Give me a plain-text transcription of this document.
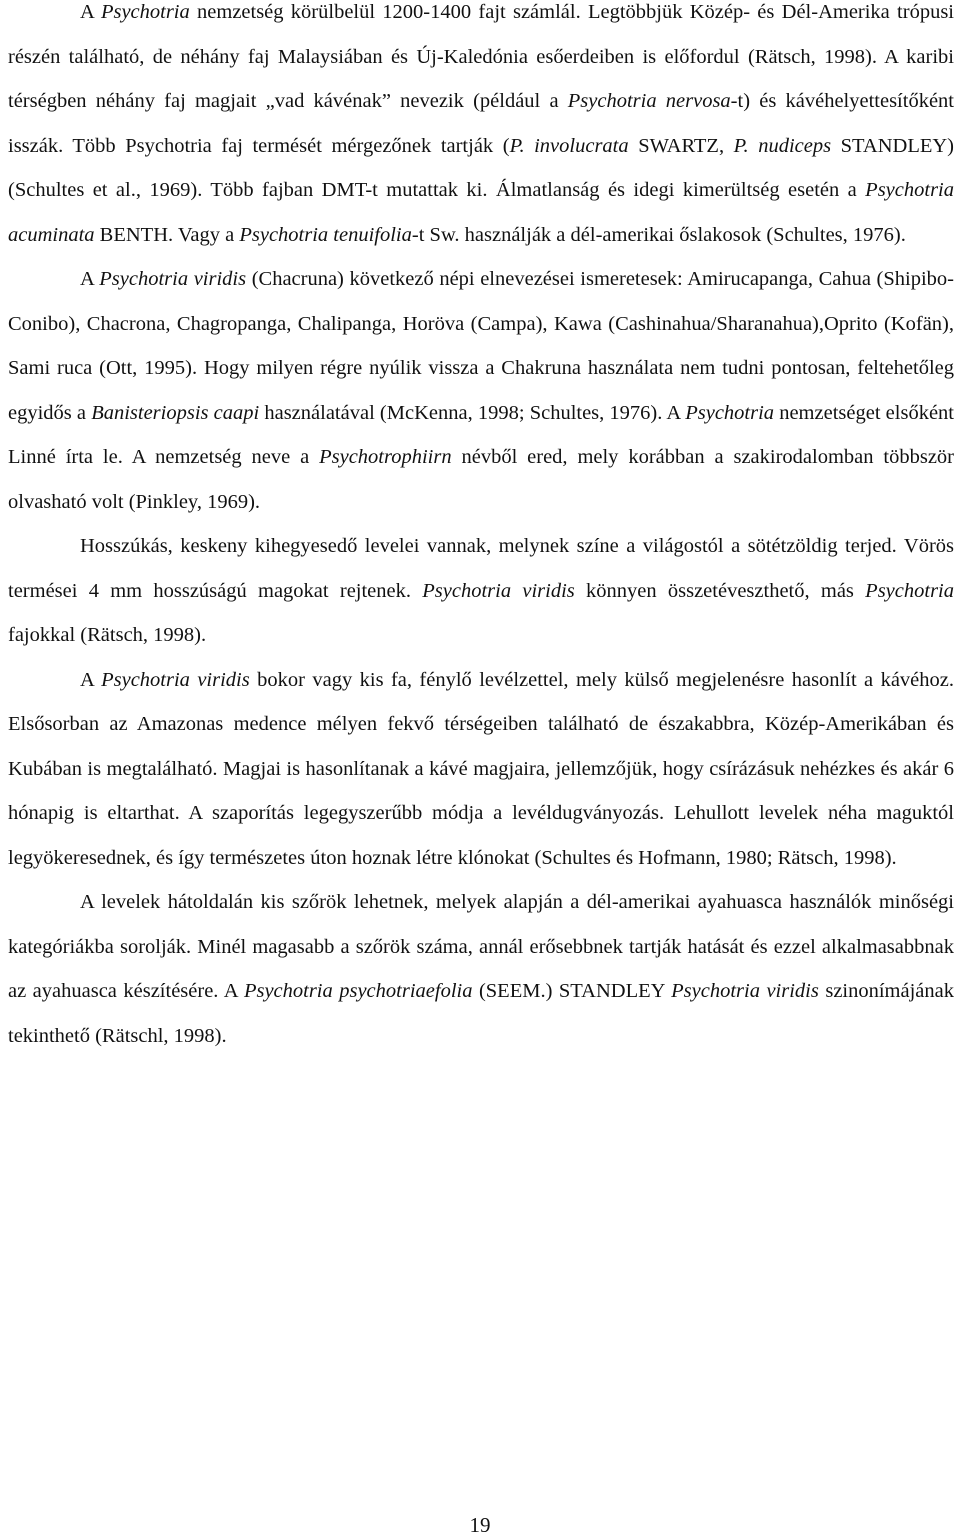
A Psychotria nemzetség körülbelül 1200-1400 fajt számlál. Legtöbbjük Közép- és Dél-Amerika trópusi részén található, de néhány faj Malaysiában és Új-Kaledónia esőerdeiben is előfordul (Rätsch, 1998). A karibi térségben néhány faj magjait „vad kávénak” nevezik (például a Psychotria nervosa-t) és kávéhelyettesítőként isszák. Több Psychotria faj termését mérgezőnek tartják (P. involucrata SWARTZ, P. nudiceps STANDLEY) (Schultes et al., 1969). Több fajban DMT-t mutattak ki. Álmatlanság és idegi kimerültség esetén a Psychotria acuminata BENTH. Vagy a Psychotria tenuifolia-t Sw. használják a dél-amerikai őslakosok (Schultes, 1976).

A Psychotria viridis (Chacruna) következő népi elnevezései ismeretesek: Amirucapanga, Cahua (Shipibo-Conibo), Chacrona, Chagropanga, Chalipanga, Horöva (Campa), Kawa (Cashinahua/Sharanahua),Oprito (Kofän), Sami ruca (Ott, 1995). Hogy milyen régre nyúlik vissza a Chakruna használata nem tudni pontosan, feltehetőleg egyidős a Banisteriopsis caapi használatával (McKenna, 1998; Schultes, 1976). A Psychotria nemzetséget elsőként Linné írta le. A nemzetség neve a Psychotrophiirn névből ered, mely korábban a szakirodalomban többször olvasható volt (Pinkley, 1969).

Hosszúkás, keskeny kihegyesedő levelei vannak, melynek színe a világostól a sötétzöldig terjed. Vörös termései 4 mm hosszúságú magokat rejtenek. Psychotria viridis könnyen összetéveszthető, más Psychotria fajokkal (Rätsch, 1998).

A Psychotria viridis bokor vagy kis fa, fénylő levélzettel, mely külső megjelenésre hasonlít a kávéhoz. Elsősorban az Amazonas medence mélyen fekvő térségeiben található de északabbra, Közép-Amerikában és Kubában is megtalálható. Magjai is hasonlítanak a kávé magjaira, jellemzőjük, hogy csírázásuk nehézkes és akár 6 hónapig is eltarthat. A szaporítás legegyszerűbb módja a levéldugványozás. Lehullott levelek néha maguktól legyökeresednek, és így természetes úton hoznak létre klónokat (Schultes és Hofmann, 1980; Rätsch, 1998).

A levelek hátoldalán kis szőrök lehetnek, melyek alapján a dél-amerikai ayahuasca használók minőségi kategóriákba sorolják. Minél magasabb a szőrök száma, annál erősebbnek tartják hatását és ezzel alkalmasabbnak az ayahuasca készítésére. A Psychotria psychotriaefolia (SEEM.) STANDLEY Psychotria viridis szinonímájának tekinthető (Rätschl, 1998).

19
